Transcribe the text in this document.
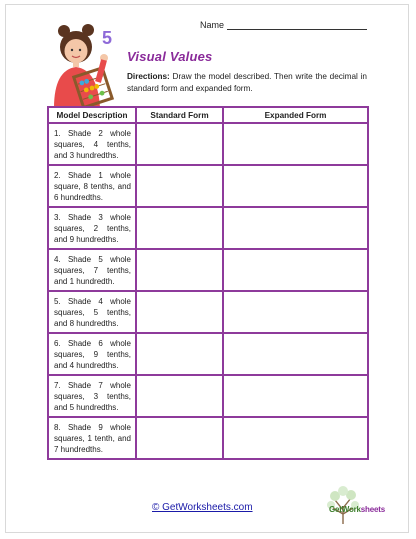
Name
5
Visual Values
Directions: Draw the model described. Then write the decimal in standard form and expanded form.
Model Description	Standard Form	Expanded Form

1. Shade 2 whole squares, 4 tenths, and 3 hundredths.		

2. Shade 1 whole square, 8 tenths, and 6 hundredths.		

3. Shade 3 whole squares, 2 tenths, and 9 hundredths.		

4. Shade 5 whole squares, 7 tenths, and 1 hundredth.		

5. Shade 4 whole squares, 5 tenths, and 8 hundredths.		

6. Shade 6 whole squares, 9 tenths, and 4 hundredths.		

7. Shade 7 whole squares, 3 tenths, and 5 hundredths.		

8. Shade 9 whole squares, 1 tenth, and 7 hundredths.		

© GetWorksheets.com	GetWorksheets
